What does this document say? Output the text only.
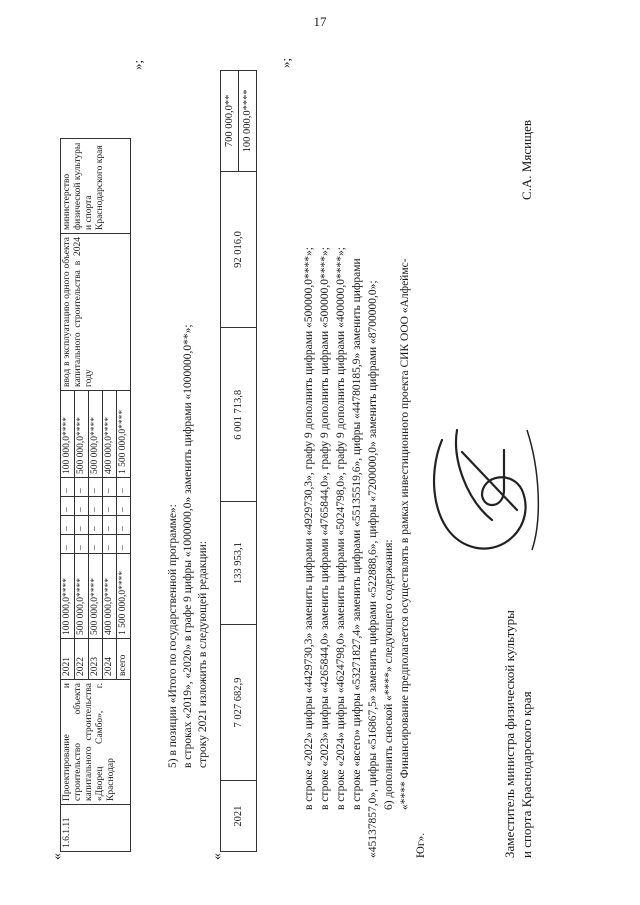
17
«
1.6.1.11	Проектирование и строительство объекта капитального строительства «Дворец Самбо», г. Краснодар	2021	100 000,0****	–	–	–	–	100 000,0****	ввод в эксплуатацию одного объекта капитального строительства в 2024 году	министерство физической культуры и спорта Краснодарского края
		2022	500 000,0****	–	–	–	–	500 000,0****		
		2023	500 000,0****	–	–	–	–	500 000,0****		
		2024	400 000,0****	–	–	–	–	400 000,0****		
		всего	1 500 000,0****	–	–	–	–	1 500 000,0****		
»;
5) в позиции «Итого по государственной программе»: в строках «2019», «2020» в графе 9 цифры «1000000,0» заменить цифрами «1000000,0**»; строку 2021 изложить в следующей редакции:
«
2021	7 027 682,9	133 953,1	6 001 713,8	92 016,0	700 000,0**
100 000,0****
»;
в строке «2022» цифры «4429730,3» заменить цифрами «4929730,3», графу 9 дополнить цифрами «500000,0****»; в строке «2023» цифры «4265844,0» заменить цифрами «4765844,0», графу 9 дополнить цифрами «500000,0****»; в строке «2024» цифры «4624798,0» заменить цифрами «5024798,0», графу 9 дополнить цифрами «400000,0****»; в строке «всего» цифры «53271827,4» заменить цифрами «55135519,6», цифры «44780185,9» заменить цифрами «45137857,0», цифры «516867,5» заменить цифрами «522888,6», цифры «7200000,0» заменить цифрами «8700000,0»; 6) дополнить сноской «****» следующего содержания: «**** Финансирование предполагается осуществлять в рамках инвестиционного проекта СИК ООО «Алфеймс-
Юг».	Заместитель министра физической культуры и спорта Краснодарского края
С.А. Мясищев
